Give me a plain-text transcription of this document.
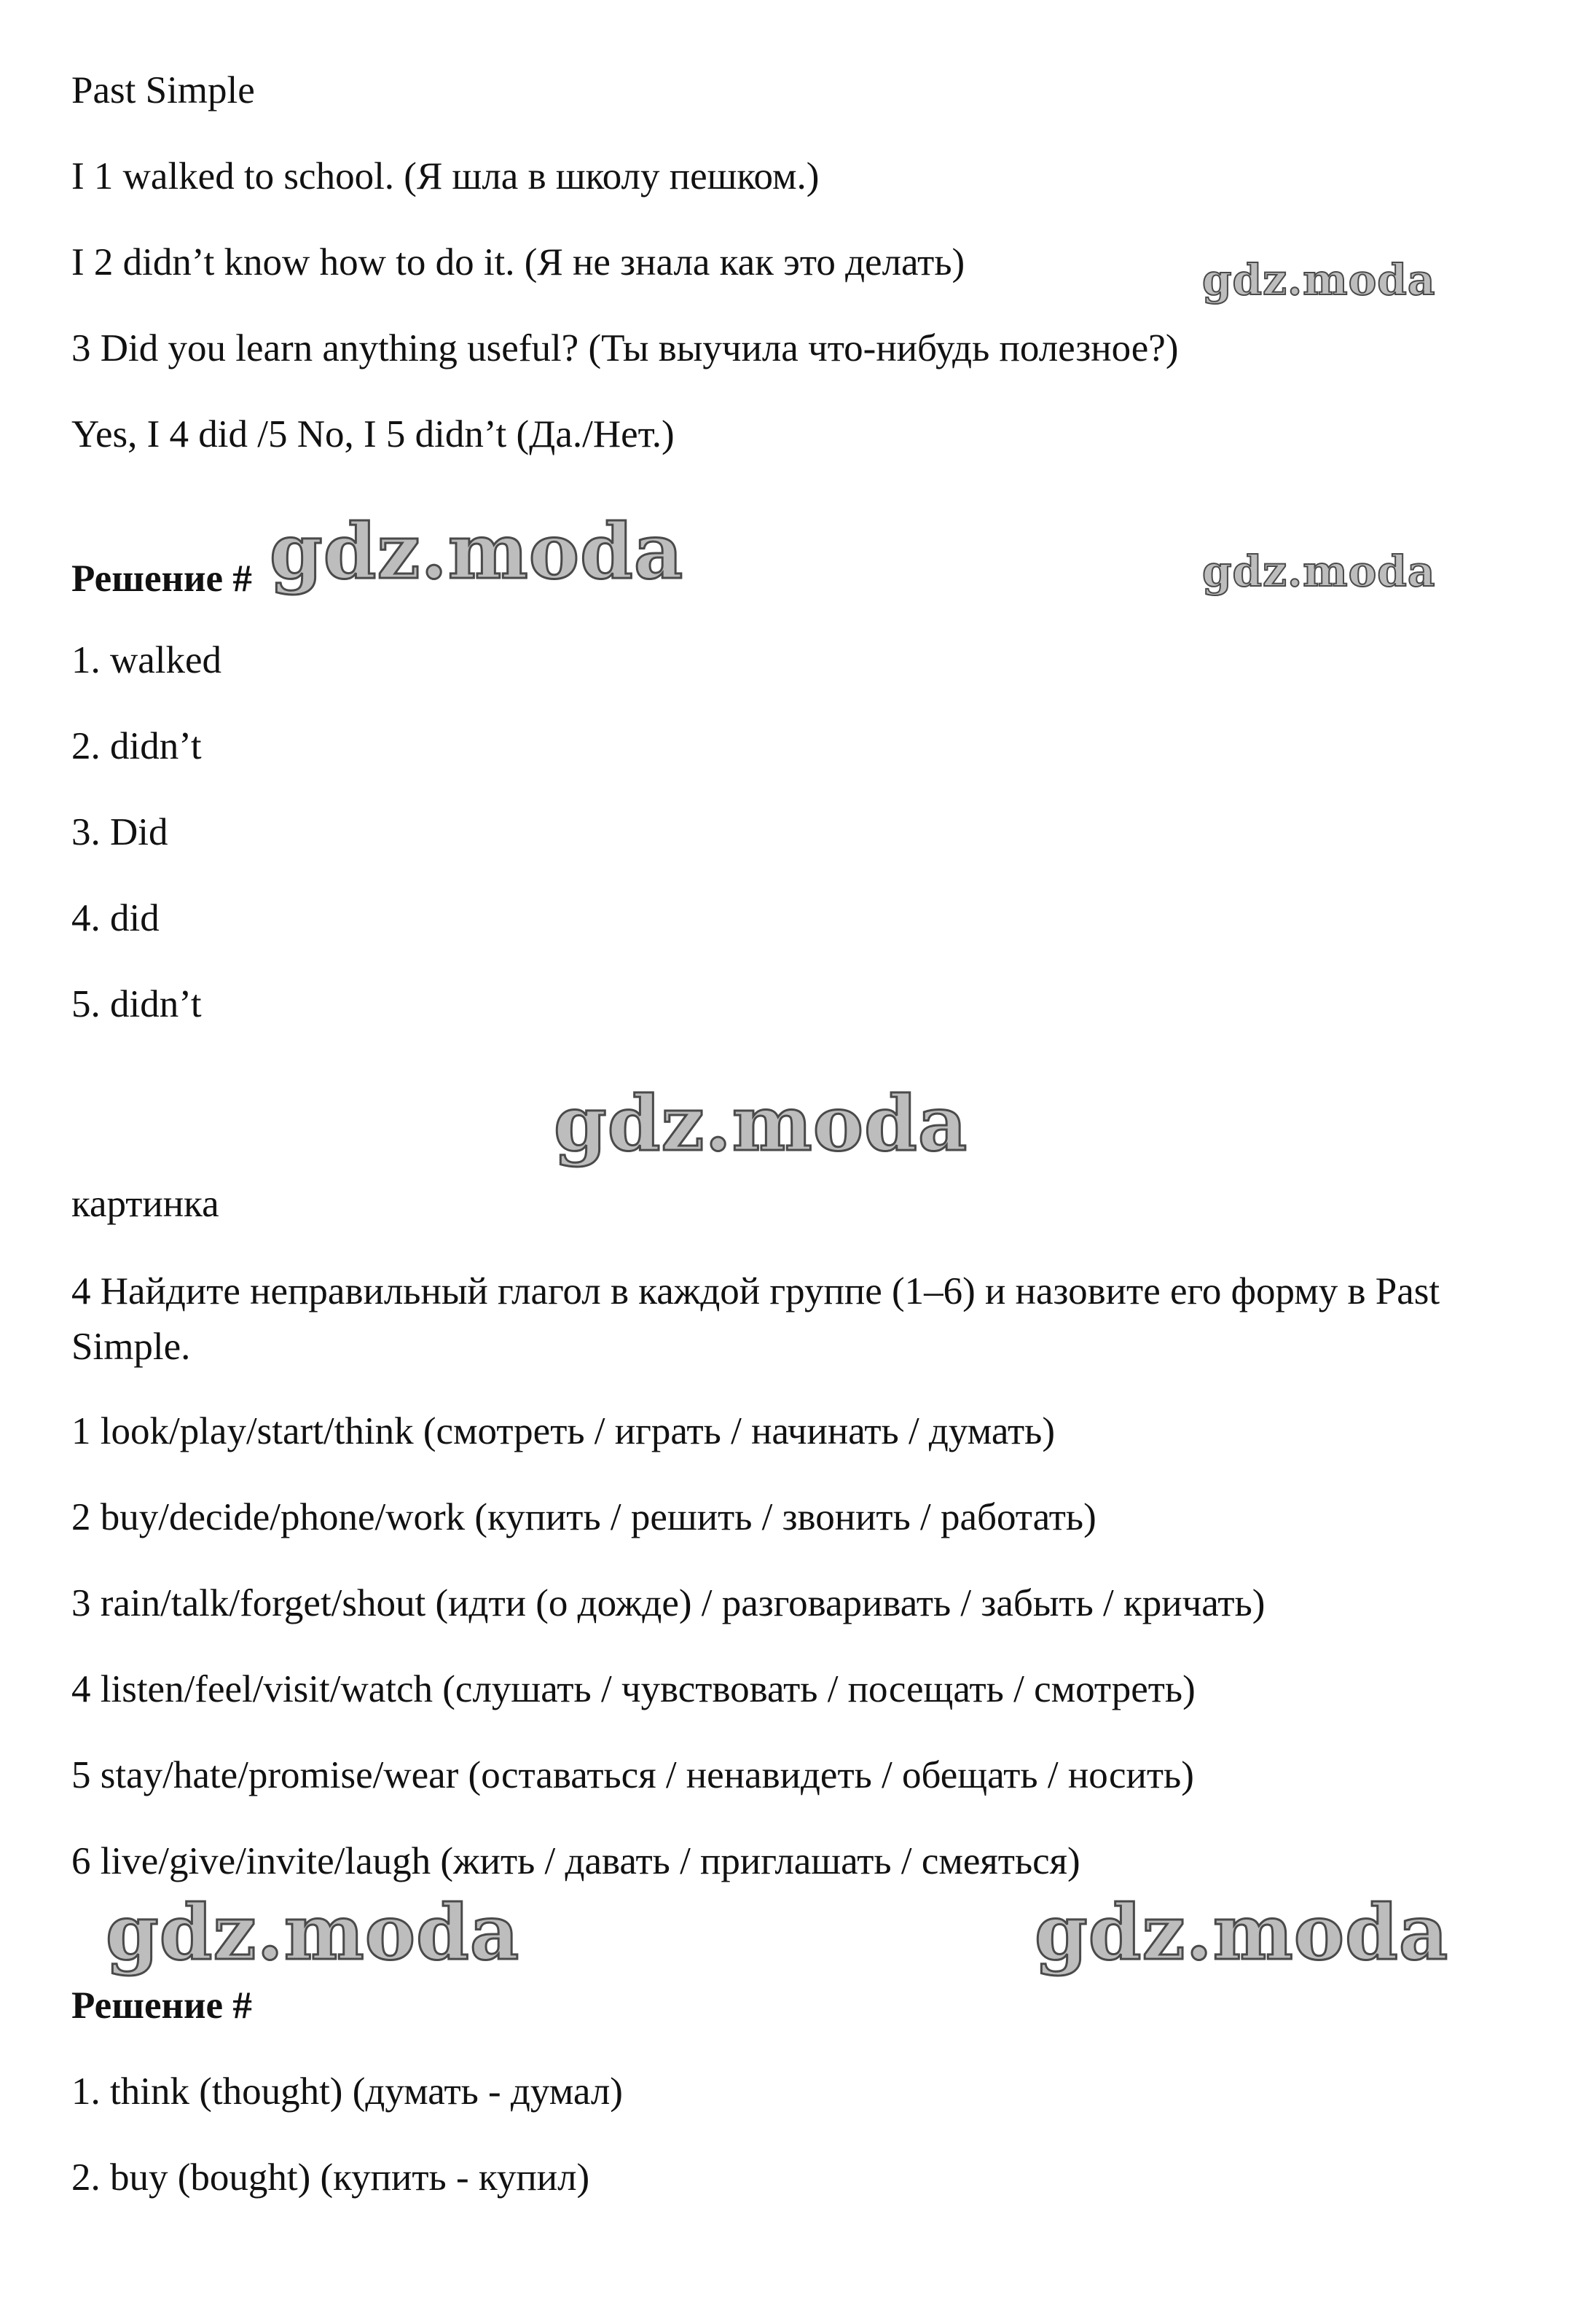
Past Simple
I 1 walked to school. (Я шла в школу пешком.)
I 2 didn’t know how to do it. (Я не знала как это делать)
3 Did you learn anything useful? (Ты выучила что-нибудь полезное?)
Yes, I 4 did /5 No, I 5 didn’t (Да./Нет.)
Решение #
1. walked
2. didn’t
3. Did
4. did
5. didn’t
картинка
4 Найдите неправильный глагол в каждой группе (1–6) и назовите его форму в Past Simple.
1 look/play/start/think (смотреть / играть / начинать / думать)
2 buy/decide/phone/work (купить / решить / звонить / работать)
3 rain/talk/forget/shout (идти (о дожде) / разговаривать / забыть / кричать)
4 listen/feel/visit/watch (слушать / чувствовать / посещать / смотреть)
5 stay/hate/promise/wear (оставаться / ненавидеть / обещать / носить)
6 live/give/invite/laugh (жить / давать / приглашать / смеяться)
Решение #
1. think (thought) (думать - думал)
2. buy (bought) (купить - купил)
gdz.moda
gdz.moda	gdz.moda
gdz.moda
gdz.moda	gdz.moda
